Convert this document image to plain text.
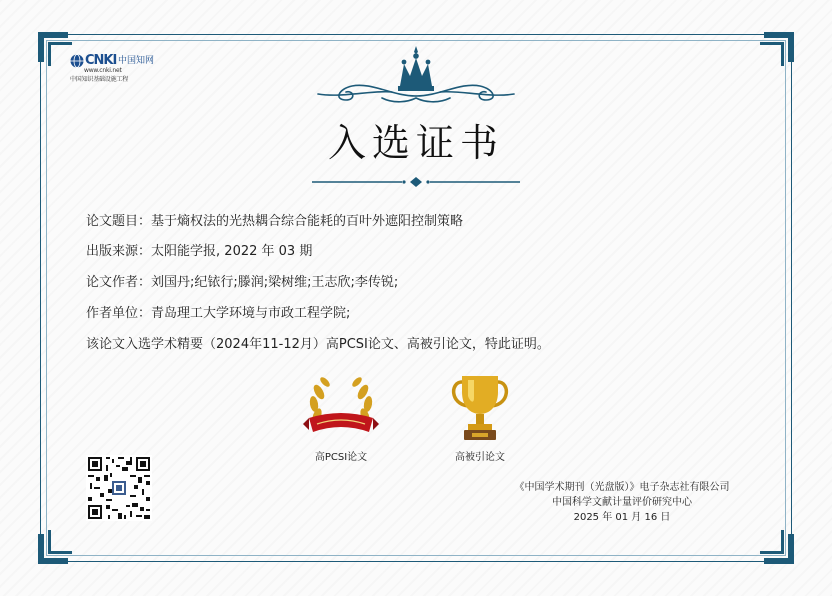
CNKI 中国知网
www.cnki.net
中国知识基础设施工程
入选证书
论文题目：基于熵权法的光热耦合综合能耗的百叶外遮阳控制策略
出版来源：太阳能学报, 2022 年 03 期
论文作者：刘国丹;纪铱行;滕润;梁树维;王志欣;李传锐;
作者单位：青岛理工大学环境与市政工程学院;
该论文入选学术精要（2024年11-12月）高PCSI论文、高被引论文，特此证明。
高PCSI论文	高被引论文
《中国学术期刊（光盘版）》电子杂志社有限公司
中国科学文献计量评价研究中心
2025 年 01 月 16 日
